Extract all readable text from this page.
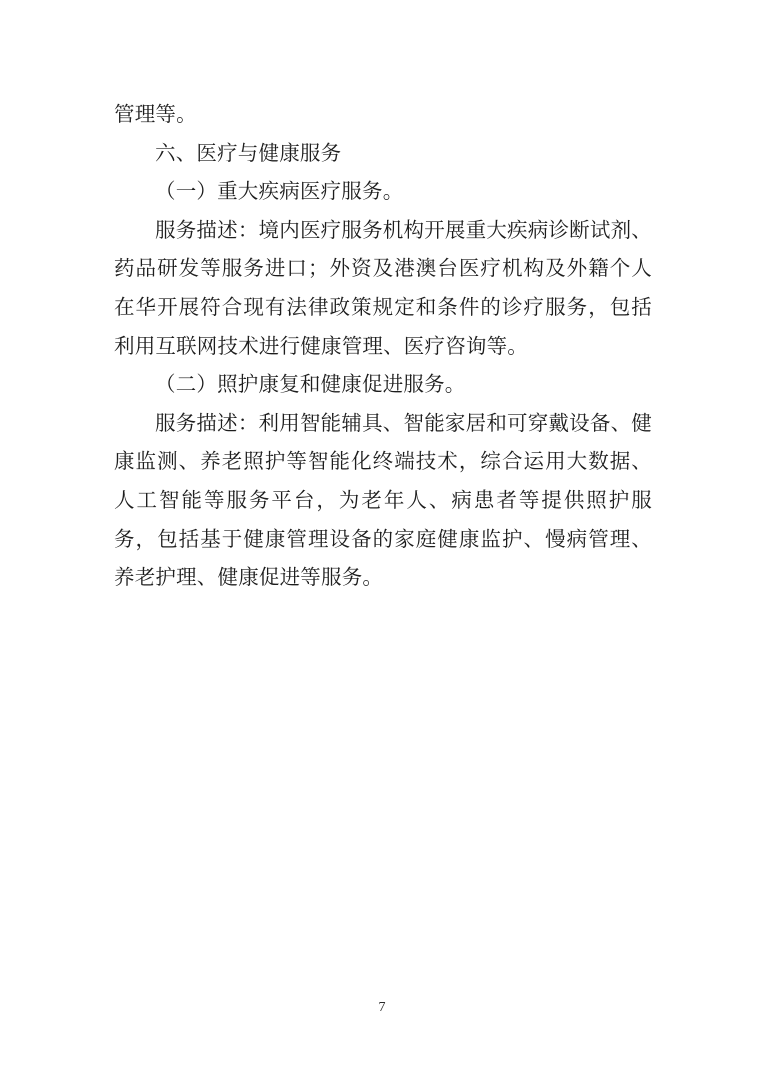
管理等。

六、医疗与健康服务
（一）重大疾病医疗服务。

服务描述：境内医疗服务机构开展重大疾病诊断试剂、药品研发等服务进口；外资及港澳台医疗机构及外籍个人在华开展符合现有法律政策规定和条件的诊疗服务，包括利用互联网技术进行健康管理、医疗咨询等。

（二）照护康复和健康促进服务。

服务描述：利用智能辅具、智能家居和可穿戴设备、健康监测、养老照护等智能化终端技术，综合运用大数据、人工智能等服务平台，为老年人、病患者等提供照护服务，包括基于健康管理设备的家庭健康监护、慢病管理、养老护理、健康促进等服务。

7
